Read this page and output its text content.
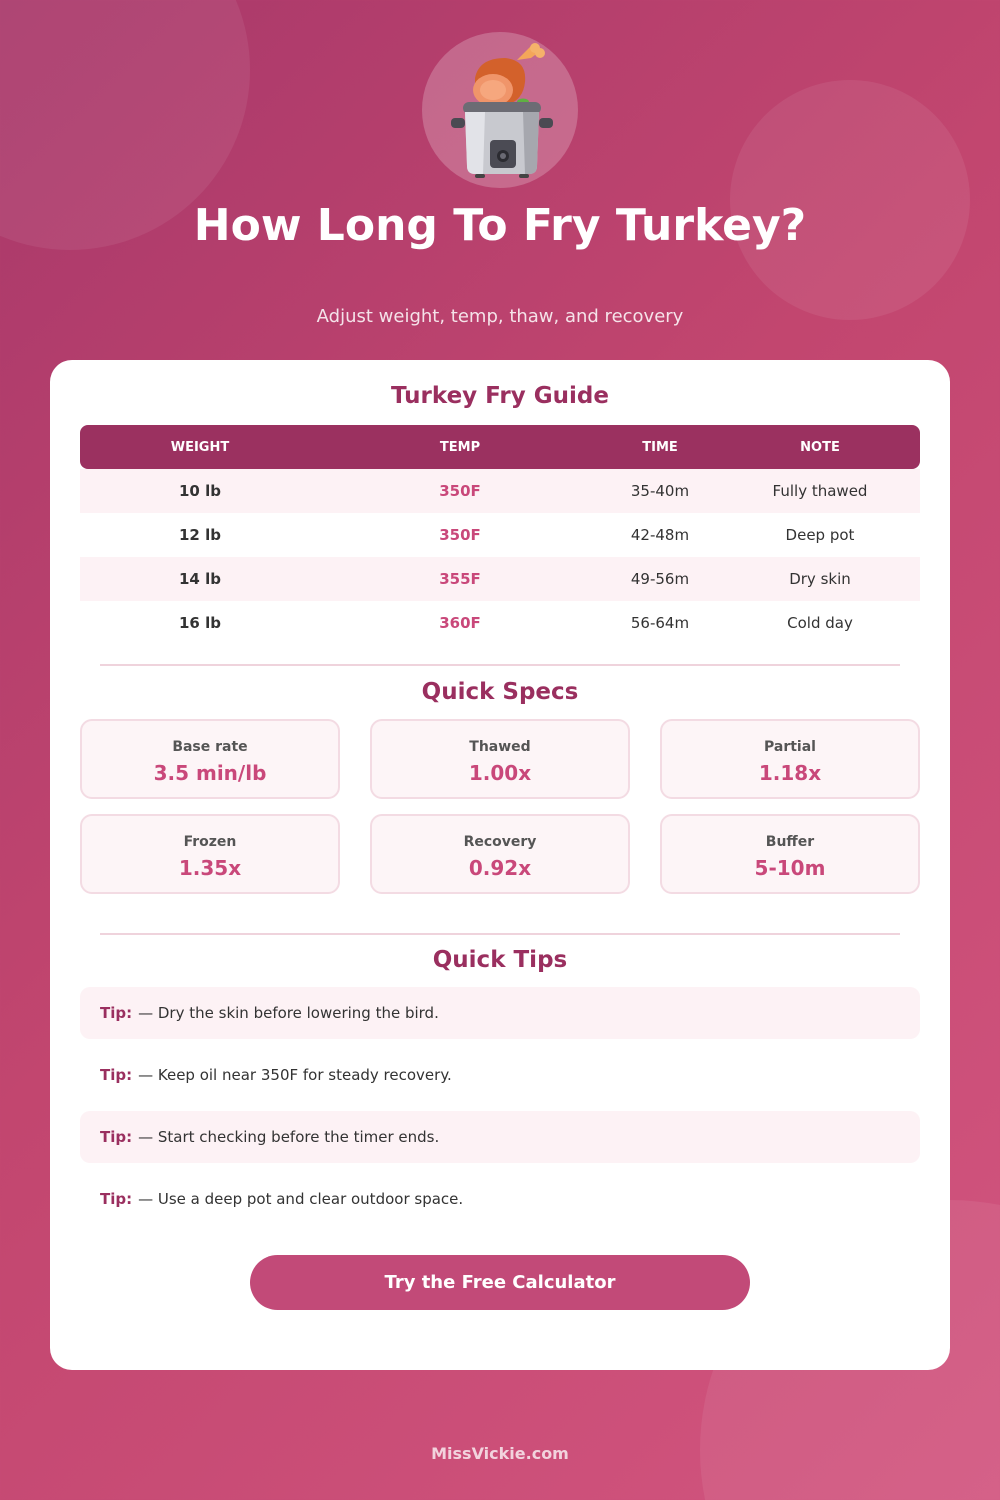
How Long To Fry Turkey?
Adjust weight, temp, thaw, and recovery
Turkey Fry Guide
WEIGHT	TEMP	TIME	NOTE
10 lb	350F	35-40m	Fully thawed
12 lb	350F	42-48m	Deep pot
14 lb	355F	49-56m	Dry skin
16 lb	360F	56-64m	Cold day
Quick Specs
Base rate
3.5 min/lb
Thawed
1.00x
Partial
1.18x
Frozen
1.35x
Recovery
0.92x
Buffer
5-10m
Quick Tips
Tip: — Dry the skin before lowering the bird.
Tip: — Keep oil near 350F for steady recovery.
Tip: — Start checking before the timer ends.
Tip: — Use a deep pot and clear outdoor space.
Try the Free Calculator
MissVickie.com
